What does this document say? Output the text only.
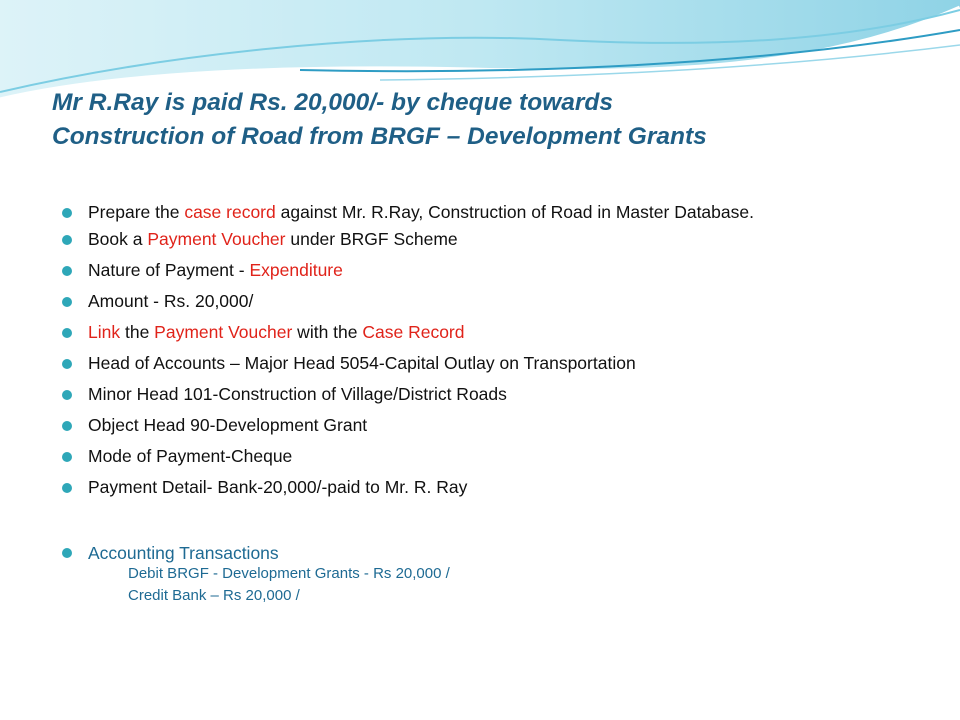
Mr R.Ray is paid Rs. 20,000/- by cheque towards
Construction of Road from BRGF – Development Grants
Prepare the case record against Mr. R.Ray, Construction of Road in Master Database.
Book a Payment Voucher under BRGF Scheme
Nature of Payment - Expenditure
Amount - Rs. 20,000/
Link the Payment Voucher with the Case Record
Head of Accounts – Major Head 5054-Capital Outlay on Transportation
Minor Head 101-Construction of Village/District Roads
Object Head 90-Development Grant
Mode of Payment-Cheque
Payment Detail- Bank-20,000/-paid to Mr. R. Ray
Accounting Transactions
Debit BRGF - Development Grants - Rs 20,000 /
Credit Bank – Rs 20,000 /
